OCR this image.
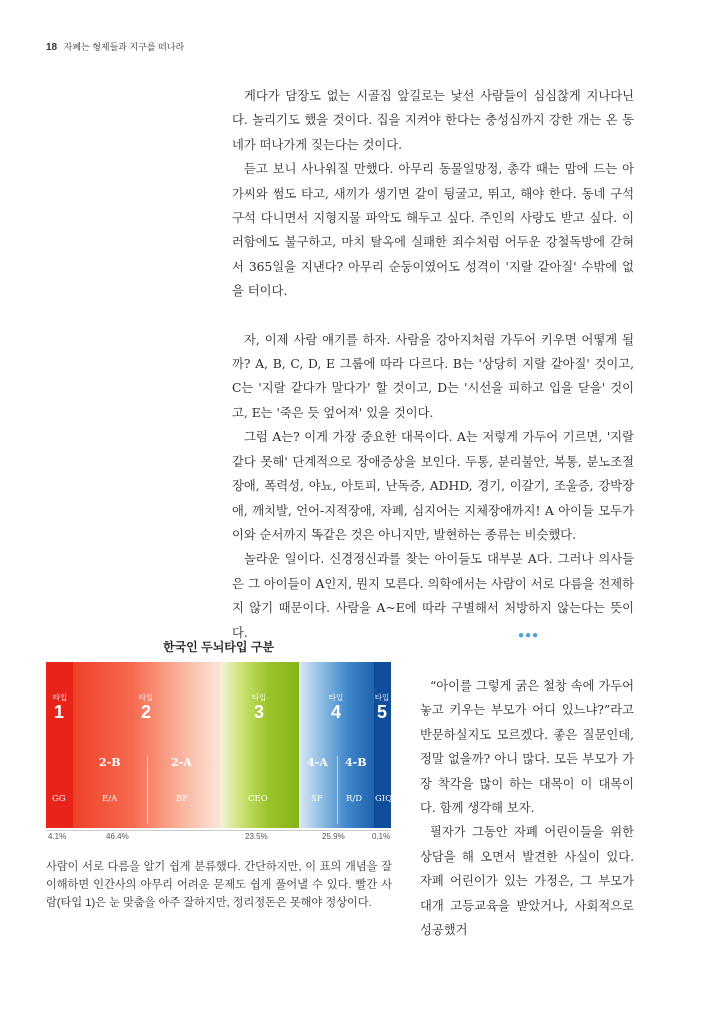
18 자폐는 형제들과 지구를 떠나라

게다가 담장도 없는 시골집 앞길로는 낯선 사람들이 심심찮게 지나다닌다. 놀리기도 했을 것이다. 집을 지켜야 한다는 충성심까지 강한 개는 온 동네가 떠나가게 짖는다는 것이다.

듣고 보니 사나워질 만했다. 아무리 동물일망정, 총각 때는 맘에 드는 아가씨와 썸도 타고, 새끼가 생기면 같이 뒹굴고, 뛰고, 해야 한다. 동네 구석구석 다니면서 지형지물 파악도 해두고 싶다. 주인의 사랑도 받고 싶다. 이러함에도 불구하고, 마치 탈옥에 실패한 죄수처럼 어두운 강철독방에 갇혀서 365일을 지낸다? 아무리 순둥이였어도 성격이 '지랄 같아질' 수밖에 없을 터이다.

자, 이제 사람 얘기를 하자. 사람을 강아지처럼 가두어 키우면 어떻게 될까? A, B, C, D, E 그룹에 따라 다르다. B는 '상당히 지랄 같아질' 것이고, C는 '지랄 같다가 말다가' 할 것이고, D는 '시선을 피하고 입을 닫을' 것이고, E는 '죽은 듯 엎어져' 있을 것이다.

그럼 A는? 이게 가장 중요한 대목이다. A는 저렇게 가두어 기르면, '지랄 같다 못해' 단계적으로 장애증상을 보인다. 두통, 분리불안, 복통, 분노조절장애, 폭력성, 야뇨, 아토피, 난독증, ADHD, 경기, 이갈기, 조울증, 강박장애, 깨치발, 언어-지적장애, 자폐, 심지어는 지체장애까지! A 아이들 모두가 이와 순서까지 똑같은 것은 아니지만, 발현하는 종류는 비슷했다.

놀라운 일이다. 신경정신과를 찾는 아이들도 대부분 A다. 그러나 의사들은 그 아이들이 A인지, 뭔지 모른다. 의학에서는 사람이 서로 다름을 전제하지 않기 때문이다. 사람을 A~E에 따라 구별해서 처방하지 않는다는 뜻이다.	●●●
한국인 두뇌타입 구분
타입
1
타입
2
타입
3
타입
4
타입
5
2-B	2-A	4-A 4-B
GG	E/A	BF	CEO	SF	R/D GIQ
4.1%	46.4%	23.5%	25.9%	0.1%
사람이 서로 다름을 알기 쉽게 분류했다. 간단하지만, 이 표의 개념을 잘 이해하면 인간사의 아무리 어려운 문제도 쉽게 풀어낼 수 있다. 빨간 사람(타입 1)은 눈 맞춤을 아주 잘하지만, 정리정돈은 못해야 정상이다.

“아이를 그렇게 굵은 철창 속에 가두어 놓고 키우는 부모가 어디 있느냐?”라고 반문하실지도 모르겠다. 좋은 질문인데, 정말 없을까? 아니 많다. 모든 부모가 가장 착각을 많이 하는 대목이 이 대목이다. 함께 생각해 보자.

필자가 그동안 자폐 어린이들을 위한 상담을 해 오면서 발견한 사실이 있다. 자폐 어린이가 있는 가정은, 그 부모가 대개 고등교육을 받았거나, 사회적으로 성공했거
